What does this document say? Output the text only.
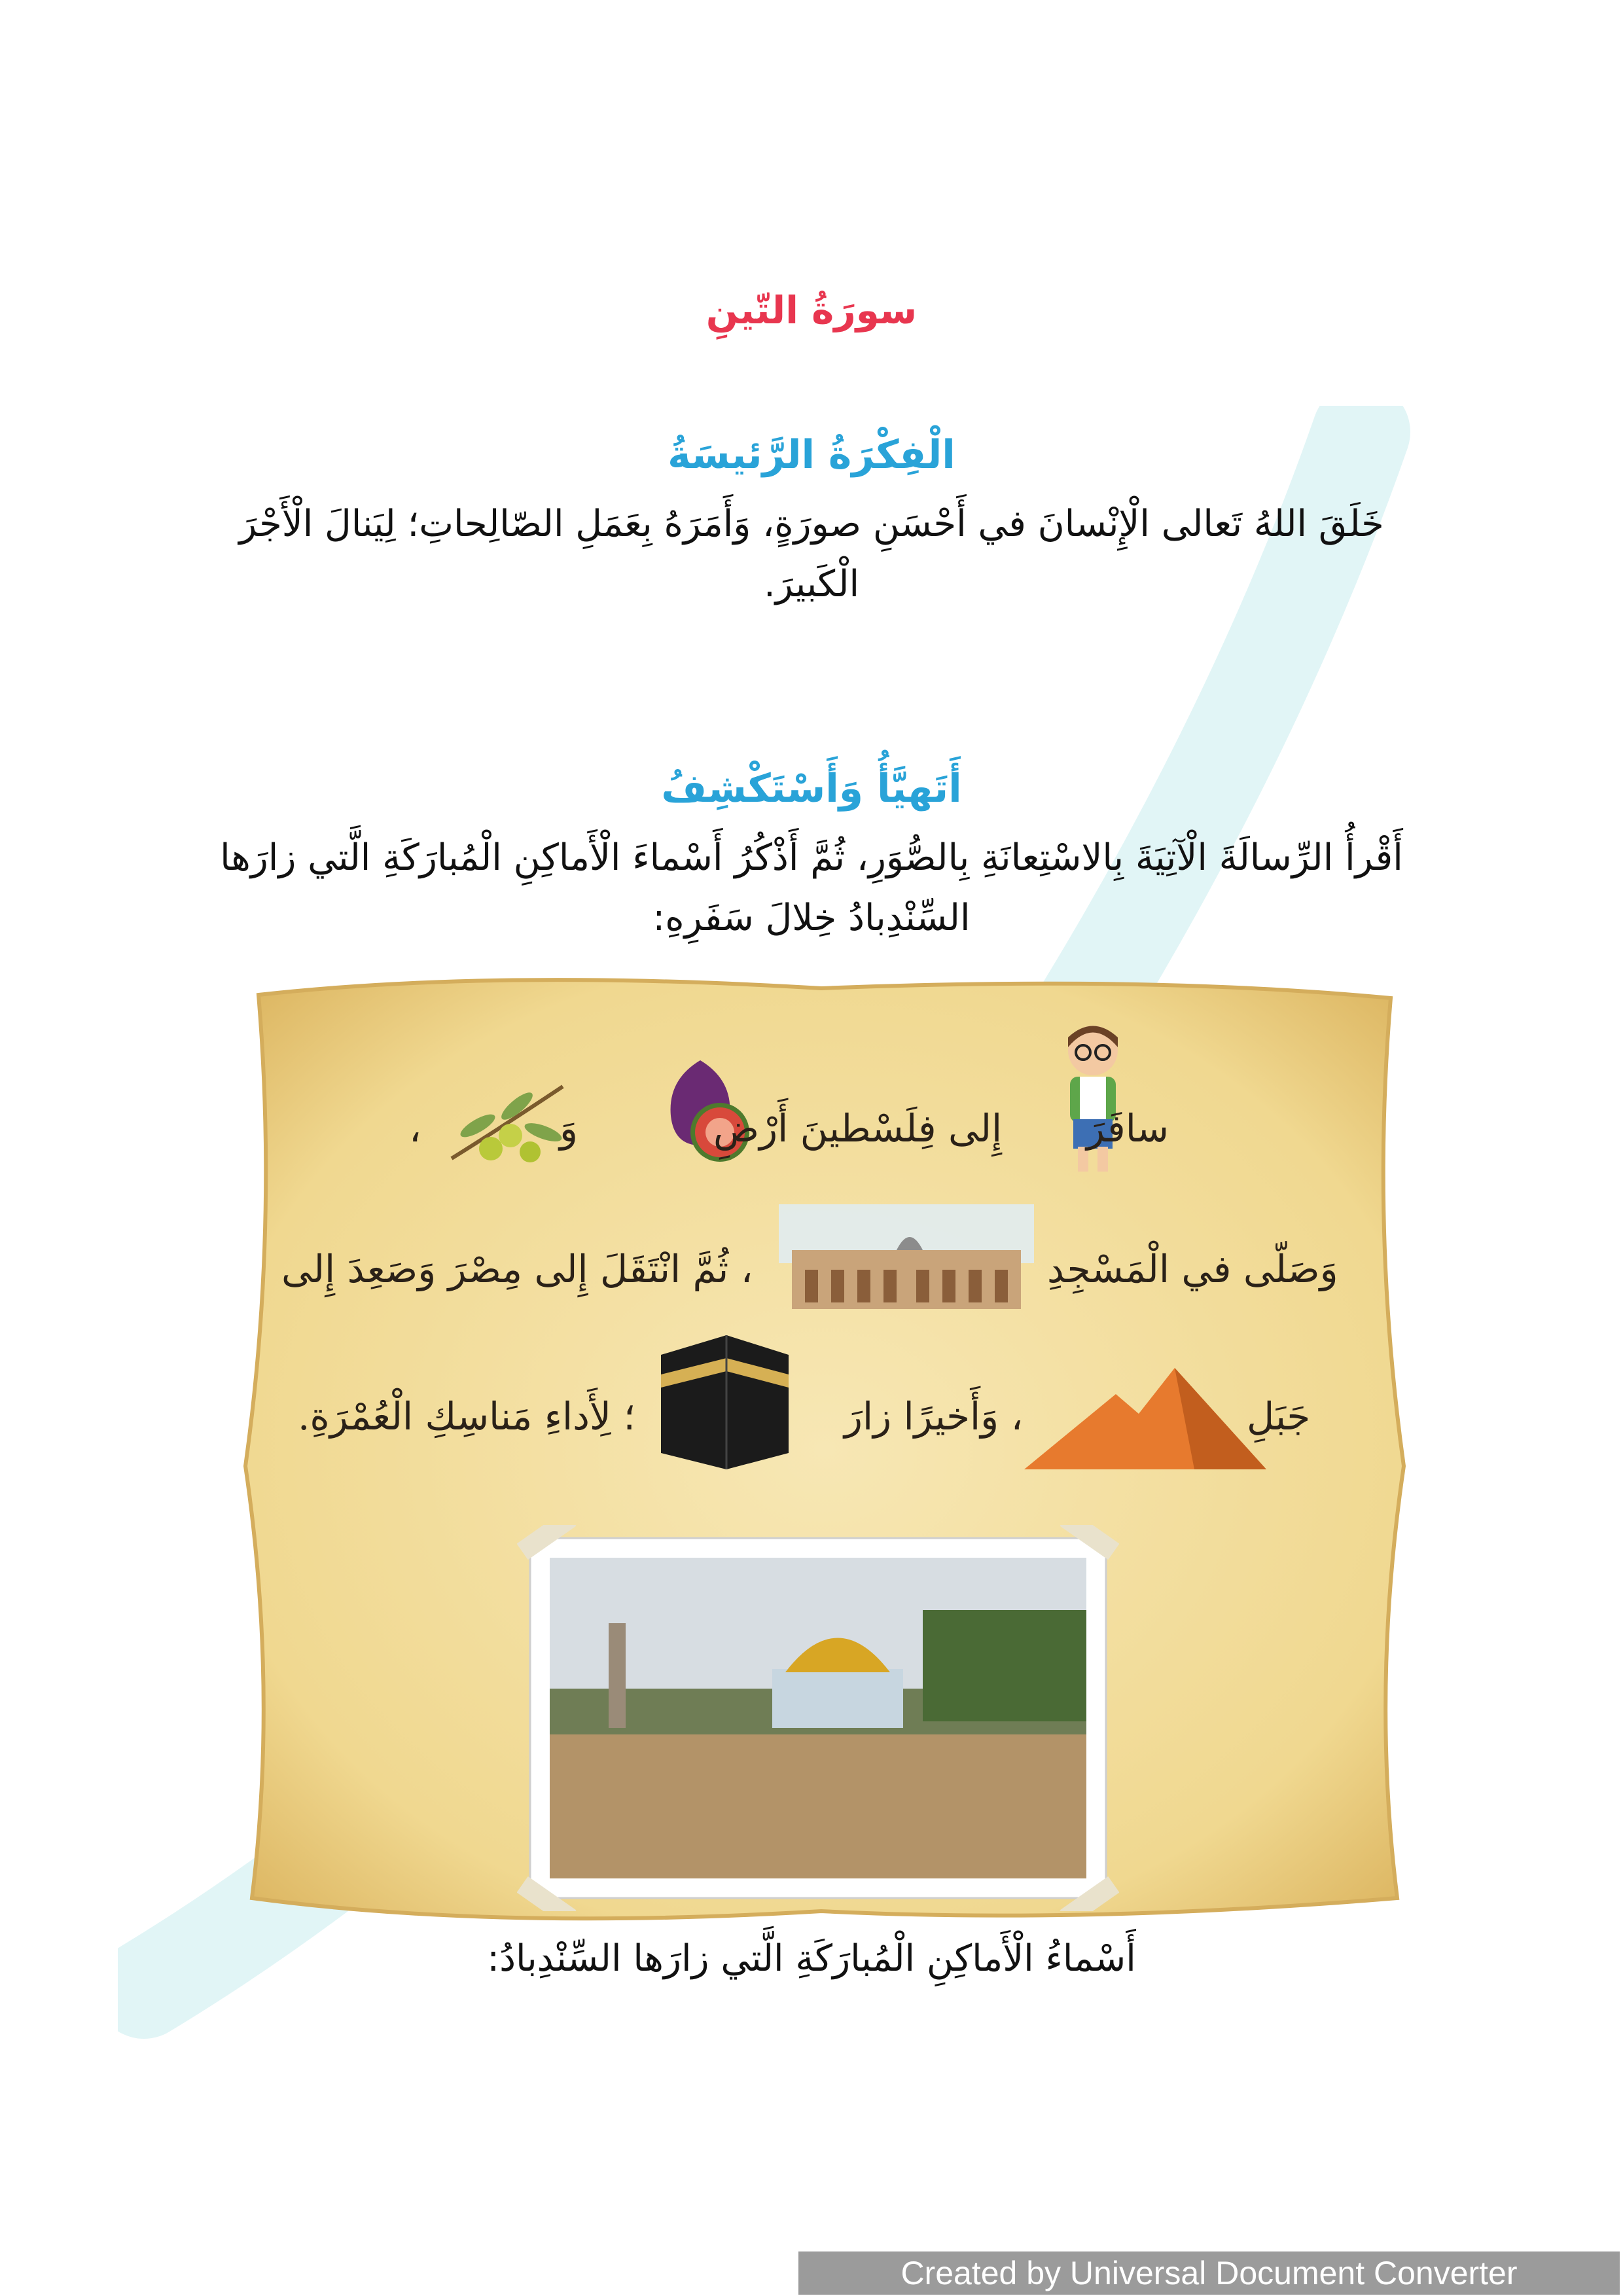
سورَةُ التّينِ
الْفِكْرَةُ الرَّئيسَةُ
خَلَقَ اللهُ تَعالى الْإِنْسانَ في أَحْسَنِ صورَةٍ، وَأَمَرَهُ بِعَمَلِ الصّالِحاتِ؛ لِيَنالَ الْأَجْرَ الْكَبيرَ.
أَتَهيَّأُ وَأَسْتَكْشِفُ
أَقْرأُ الرِّسالَةَ الْآتِيَةَ بِالاسْتِعانَةِ بِالصُّوَرِ، ثُمَّ أَذْكُرُ أَسْماءَ الْأَماكِنِ الْمُبارَكَةِ الَّتي زارَها السِّنْدِبادُ خِلالَ سَفَرِهِ:
سافَرَ
إِلى فِلَسْطينَ أَرْضِ
وَ
،
وَصَلّى في الْمَسْجِدِ
، ثُمَّ انْتَقَلَ إِلى مِصْرَ وَصَعِدَ إِلى
جَبَلِ
، وَأَخيرًا زارَ
؛ لِأَداءِ مَناسِكِ الْعُمْرَةِ.
أَسْماءُ الْأَماكِنِ الْمُبارَكَةِ الَّتي زارَها السِّنْدِبادُ:
Created by Universal Document Converter
